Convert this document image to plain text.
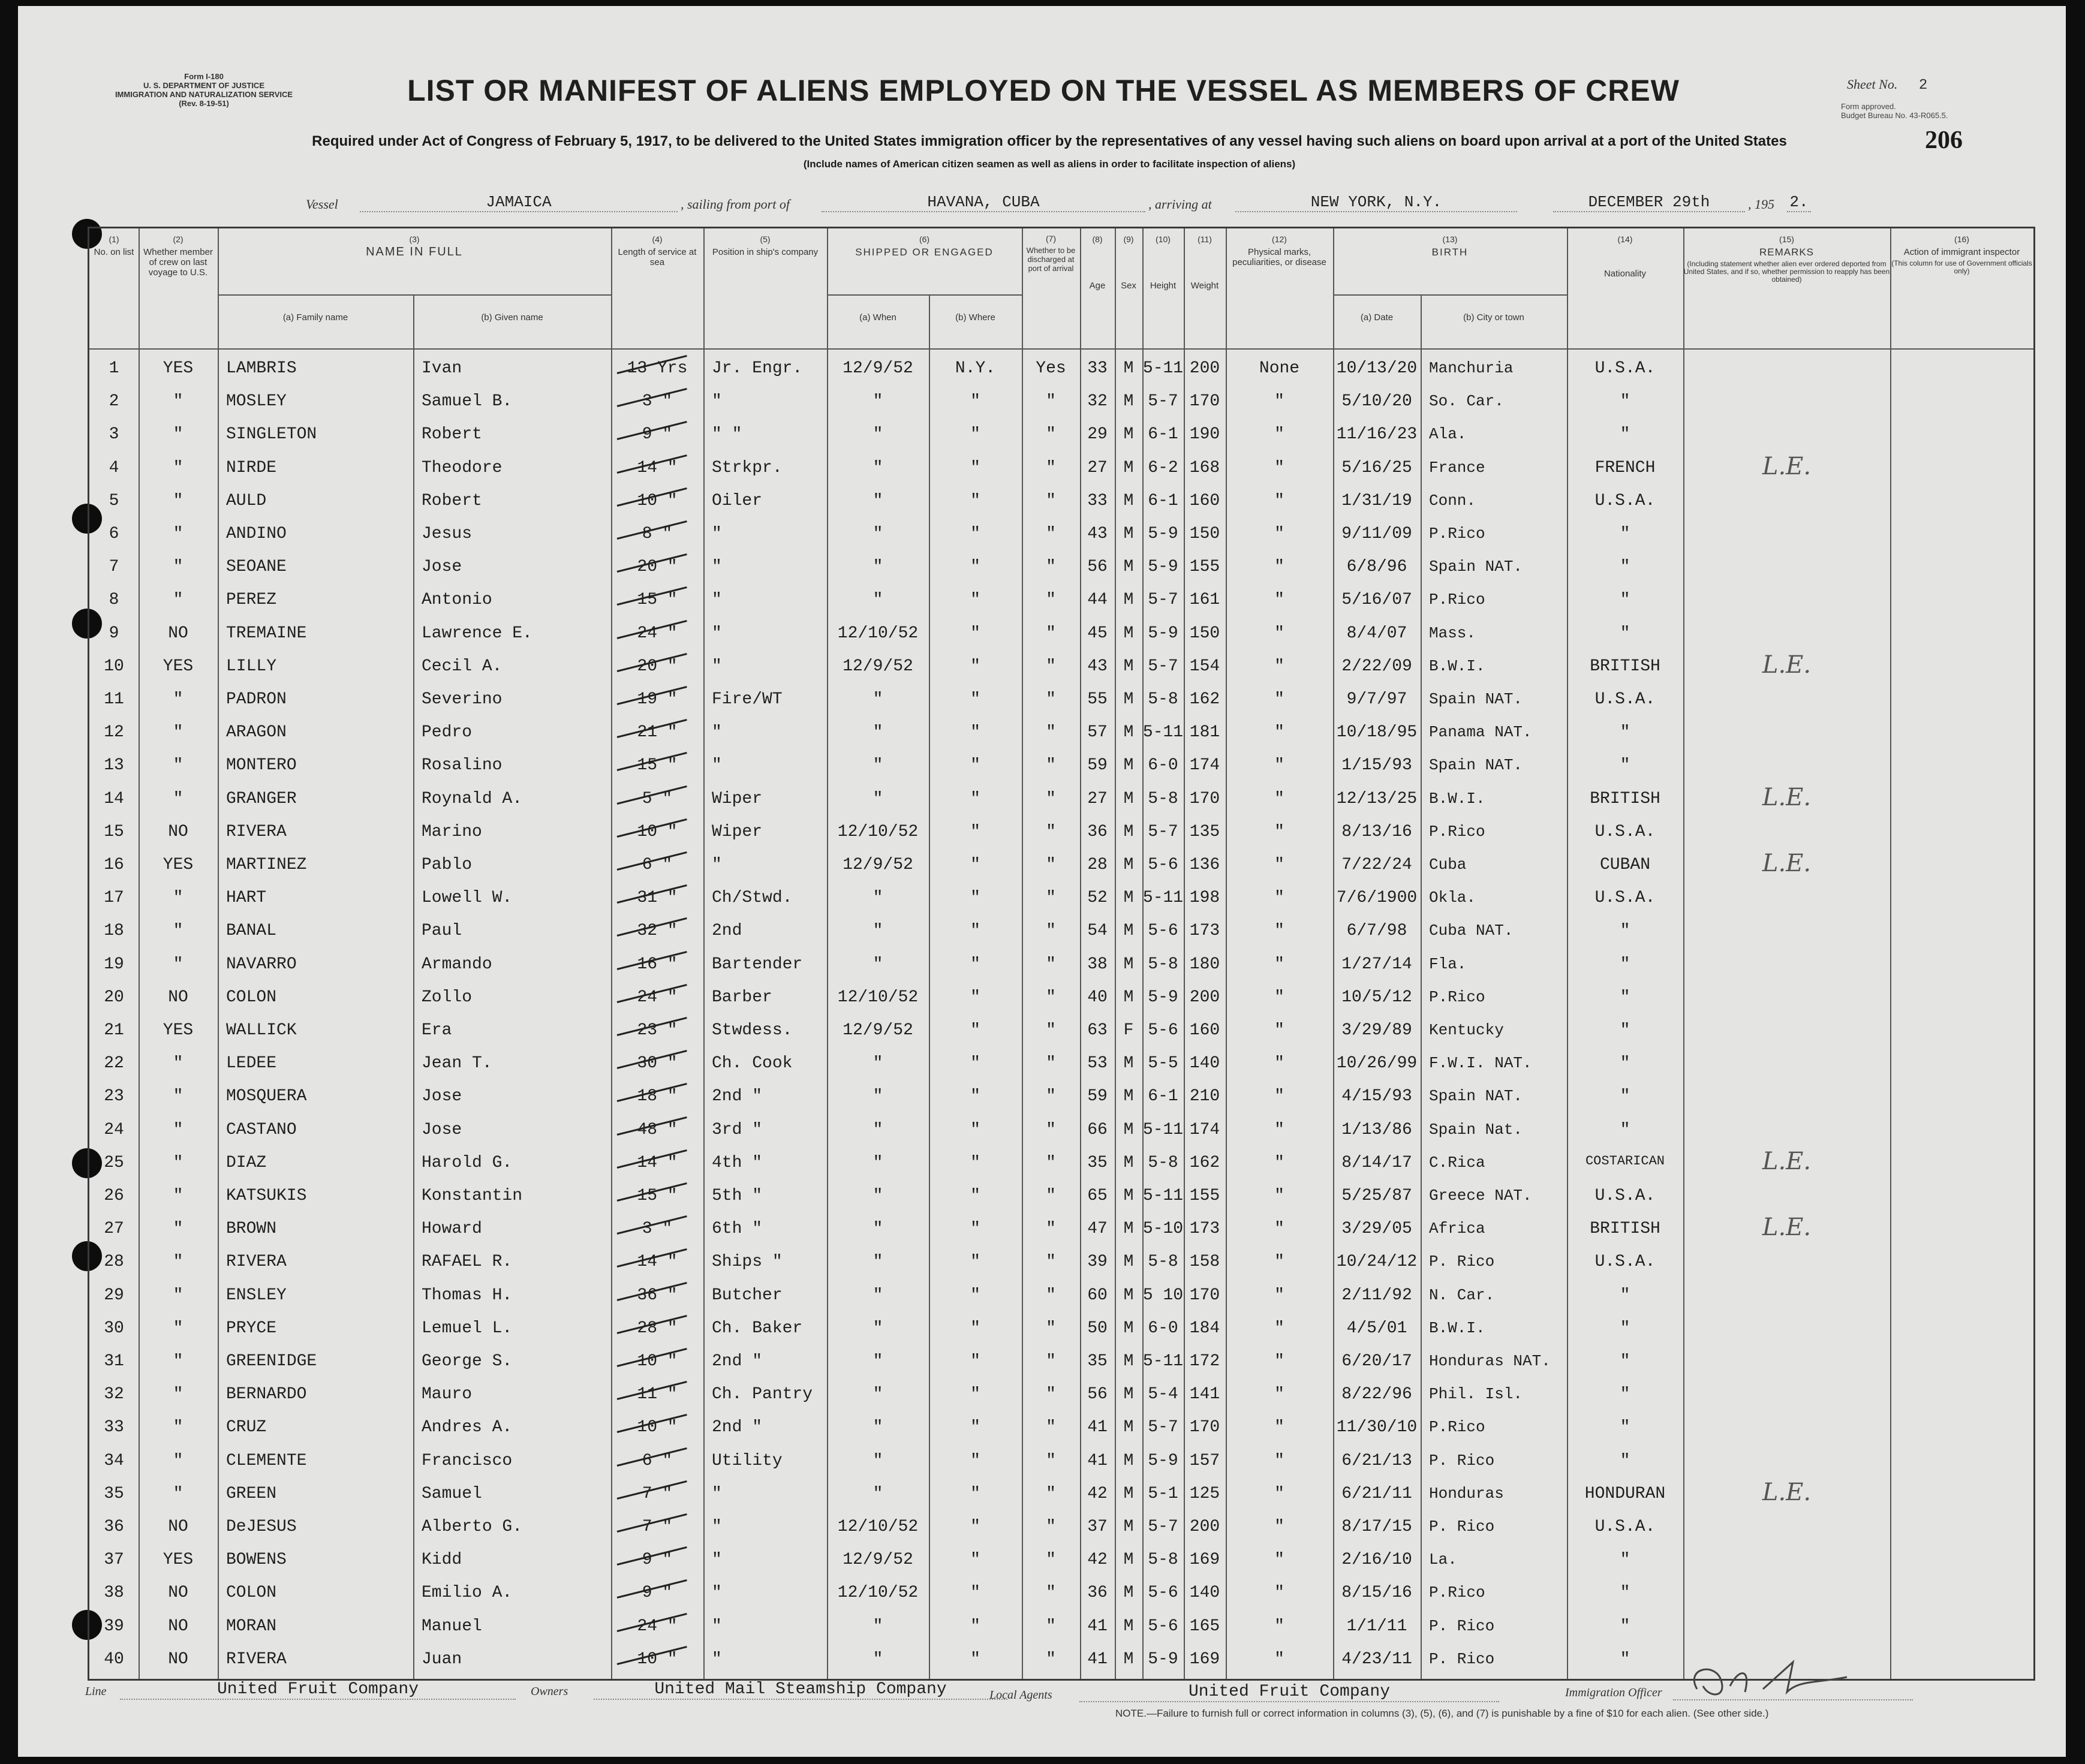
Form I-180
U. S. DEPARTMENT OF JUSTICE
IMMIGRATION AND NATURALIZATION SERVICE
(Rev. 8-19-51)	LIST OR MANIFEST OF ALIENS EMPLOYED ON THE VESSEL AS MEMBERS OF CREW	Sheet No. 2
Form approved.
Budget Bureau No. 43-R065.5.
206
Required under Act of Congress of February 5, 1917, to be delivered to the United States immigration officer by the representatives of any vessel having such aliens on board upon arrival at a port of the United States
(Include names of American citizen seamen as well as aliens in order to facilitate inspection of aliens)
Vessel	JAMAICA	, sailing from port of	HAVANA, CUBA	, arriving at	NEW YORK, N.Y.	DECEMBER 29th	, 195 2.
(1)
No. on list
(2)
Whether member of crew on last voyage to U.S.
(3)
NAME IN FULL
(a) Family name	(b) Given name
(4)
Length of service at sea
(5)
Position in ship's company
(6)
SHIPPED OR ENGAGED
(a) When	(b) Where
(7)
Whether to be discharged at port of arrival
(8)
Age
(9)
Sex
(10)
Height
(11)
Weight
(12)
Physical marks, peculiarities, or disease
(13)
BIRTH
(a) Date	(b) City or town
(14)
Nationality
(15)
REMARKS
(Including statement whether alien ever ordered deported from United States, and if so, whether permission to reapply has been obtained)
(16)
Action of immigrant inspector
(This column for use of Government officials only)
1	YES	LAMBRIS	Ivan	13 Yrs	Jr. Engr.	12/9/52	N.Y.	Yes	33 M 5-11 200	None	10/13/20 Manchuria	U.S.A.
2	"	MOSLEY	Samuel B.	3 "	"	"	"	"	32 M 5-7 170	"	5/10/20	So. Car.	"
3	"	SINGLETON	Robert	9 "	" "	"	"	"	29 M 6-1 190	"	11/16/23 Ala.	"
4	"	NIRDE	Theodore	14 "	Strkpr.	"	"	"	27 M 6-2 168	"	5/16/25	France	FRENCH	L.E.
5	"	AULD	Robert	10 "	Oiler	"	"	"	33 M 6-1 160	"	1/31/19	Conn.	U.S.A.
6	"	ANDINO	Jesus	8 "	"	"	"	"	43 M 5-9 150	"	9/11/09	P.Rico	"
7	"	SEOANE	Jose	20 "	"	"	"	"	56 M 5-9 155	"	6/8/96	Spain NAT.	"
8	"	PEREZ	Antonio	15 "	"	"	"	"	44 M 5-7 161	"	5/16/07	P.Rico	"
9	NO	TREMAINE	Lawrence E.	24 "	"	12/10/52	"	"	45 M 5-9 150	"	8/4/07	Mass.	"
10	YES	LILLY	Cecil A.	20 "	"	12/9/52	"	"	43 M 5-7 154	"	2/22/09	B.W.I.	BRITISH	L.E.
11	"	PADRON	Severino	19 "	Fire/WT	"	"	"	55 M 5-8 162	"	9/7/97	Spain NAT.	U.S.A.
12	"	ARAGON	Pedro	21 "	"	"	"	"	57 M 5-11 181	"	10/18/95 Panama NAT.	"
13	"	MONTERO	Rosalino	15 "	"	"	"	"	59 M 6-0 174	"	1/15/93	Spain NAT.	"
14	"	GRANGER	Roynald A.	5 "	Wiper	"	"	"	27 M 5-8 170	"	12/13/25 B.W.I.	BRITISH	L.E.
15	NO	RIVERA	Marino	10 "	Wiper	12/10/52	"	"	36 M 5-7 135	"	8/13/16	P.Rico	U.S.A.
16	YES	MARTINEZ	Pablo	6 "	"	12/9/52	"	"	28 M 5-6 136	"	7/22/24	Cuba	CUBAN	L.E.
17	"	HART	Lowell W.	31 "	Ch/Stwd.	"	"	"	52 M 5-11 198	"	7/6/1900 Okla.	U.S.A.
18	"	BANAL	Paul	32 "	2nd	"	"	"	54 M 5-6 173	"	6/7/98	Cuba NAT.	"
19	"	NAVARRO	Armando	16 "	Bartender	"	"	"	38 M 5-8 180	"	1/27/14	Fla.	"
20	NO	COLON	Zollo	24 "	Barber	12/10/52	"	"	40 M 5-9 200	"	10/5/12	P.Rico	"
21	YES	WALLICK	Era	23 "	Stwdess.	12/9/52	"	"	63 F 5-6 160	"	3/29/89	Kentucky	"
22	"	LEDEE	Jean T.	30 "	Ch. Cook	"	"	"	53 M 5-5 140	"	10/26/99 F.W.I. NAT.	"
23	"	MOSQUERA	Jose	18 "	2nd "	"	"	"	59 M 6-1 210	"	4/15/93	Spain NAT.	"
24	"	CASTANO	Jose	48 "	3rd "	"	"	"	66 M 5-11 174	"	1/13/86	Spain Nat.	"
25	"	DIAZ	Harold G.	14 "	4th "	"	"	"	35 M 5-8 162	"	8/14/17	C.Rica	COSTARICAN	L.E.
26	"	KATSUKIS	Konstantin	15 "	5th "	"	"	"	65 M 5-11 155	"	5/25/87	Greece NAT.	U.S.A.
27	"	BROWN	Howard	3 "	6th "	"	"	"	47 M 5-10 173	"	3/29/05	Africa	BRITISH	L.E.
28	"	RIVERA	RAFAEL R.	14 "	Ships "	"	"	"	39 M 5-8 158	"	10/24/12 P. Rico	U.S.A.
29	"	ENSLEY	Thomas H.	36 "	Butcher	"	"	"	60 M 5 10 170	"	2/11/92	N. Car.	"
30	"	PRYCE	Lemuel L.	28 "	Ch. Baker	"	"	"	50 M 6-0 184	"	4/5/01	B.W.I.	"
31	"	GREENIDGE	George S.	10 "	2nd "	"	"	"	35 M 5-11 172	"	6/20/17	Honduras NAT.	"
32	"	BERNARDO	Mauro	11 "	Ch. Pantry	"	"	"	56 M 5-4 141	"	8/22/96	Phil. Isl.	"
33	"	CRUZ	Andres A.	10 "	2nd "	"	"	"	41 M 5-7 170	"	11/30/10 P.Rico	"
34	"	CLEMENTE	Francisco	6 "	Utility	"	"	"	41 M 5-9 157	"	6/21/13	P. Rico	"
35	"	GREEN	Samuel	7 "	"	"	"	"	42 M 5-1 125	"	6/21/11	Honduras	HONDURAN	L.E.
36	NO	DeJESUS	Alberto G.	7 "	"	12/10/52	"	"	37 M 5-7 200	"	8/17/15	P. Rico	U.S.A.
37	YES	BOWENS	Kidd	9 "	"	12/9/52	"	"	42 M 5-8 169	"	2/16/10	La.	"
38	NO	COLON	Emilio A.	9 "	"	12/10/52	"	"	36 M 5-6 140	"	8/15/16	P.Rico	"
39	NO	MORAN	Manuel	24 "	"	"	"	"	41 M 5-6 165	"	1/1/11	P. Rico	"
40	NO	RIVERA	Juan	10 "	"	"	"	"	41 M 5-9 169	"	4/23/11	P. Rico	"
Line	United Fruit Company	Owners	United Mail Steamship Company	Local Agents	United Fruit Company	Immigration Officer
NOTE.—Failure to furnish full or correct information in columns (3), (5), (6), and (7) is punishable by a fine of $10 for each alien. (See other side.)
